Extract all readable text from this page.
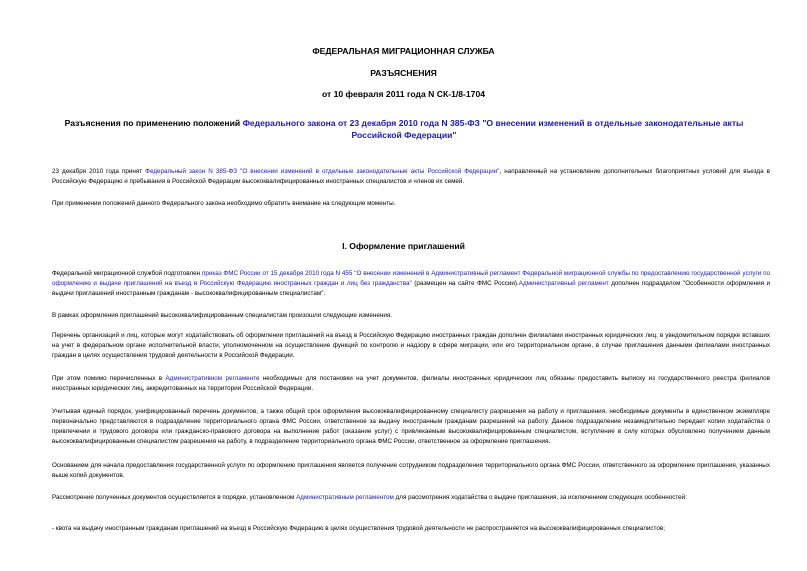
ФЕДЕРАЛЬНАЯ МИГРАЦИОННАЯ СЛУЖБА
РАЗЪЯСНЕНИЯ
от 10 февраля 2011 года N СК-1/8-1704
Разъяснения по применению положений Федерального закона от 23 декабря 2010 года N 385-ФЗ "О внесении изменений в отдельные законодательные акты Российской Федерации"
23 декабря 2010 года принят Федеральный закон N 385-ФЗ "О внесении изменений в отдельные законодательные акты Российской Федерации", направленный на установление дополнительных благоприятных условий для въезда в Российскую Федерацию и пребывания в Российской Федерации высококвалифицированных иностранных специалистов и членов их семей.
При применении положений данного Федерального закона необходимо обратить внимание на следующие моменты.
I. Оформление приглашений
Федеральной миграционной службой подготовлен приказ ФМС России от 15 декабря 2010 года N 455 "О внесении изменений в Административный регламент Федеральной миграционной службы по предоставлению государственной услуги по оформлению и выдаче приглашений на въезд в Российскую Федерацию иностранных граждан и лиц без гражданства" (размещен на сайте ФМС России).Административный регламент дополнен подразделом "Особенности оформления и выдачи приглашений иностранным гражданам - высококвалифицированным специалистам".
В рамках оформления приглашений высококвалифицированным специалистам произошли следующие изменения.
Перечень организаций и лиц, которые могут ходатайствовать об оформлении приглашений на въезд в Российскую Федерацию иностранных граждан дополнен филиалами иностранных юридических лиц, в уведомительном порядке вставших на учет в федеральном органе исполнительной власти, уполномоченном на осуществление функций по контролю и надзору в сфере миграции, или его территориальном органе, в случае приглашения данными филиалами иностранных граждан в целях осуществления трудовой деятельности в Российской Федерации.
При этом помимо перечисленных в Административном регламенте необходимых для постановки на учет документов, филиалы иностранных юридических лиц обязаны предоставить выписку из государственного реестра филиалов иностранных юридических лиц, аккредитованных на территории Российской Федерации.
Учитывая единый порядок, унифицированный перечень документов, а также общий срок оформления высококвалифицированному специалисту разрешения на работу и приглашения, необходимые документы в единственном экземпляре первоначально представляются в подразделение территориального органа ФМС России, ответственное за выдачу иностранным гражданам разрешений на работу. Данное подразделение незамедлительно передает копии ходатайства о привлечении и трудового договора или гражданско-правового договора на выполнение работ (оказание услуг) с привлекаемым высококвалифицированным специалистом, вступление в силу которых обусловлено получением данным высококвалифицированным специалистом разрешения на работу, в подразделение территориального органа ФМС России, ответственное за оформление приглашения.
Основанием для начала предоставления государственной услуги по оформлению приглашения является получение сотрудником подразделения территориального органа ФМС России, ответственного за оформление приглашения, указанных выше копий документов.
Рассмотрение полученных документов осуществляется в порядке, установленном Административным регламентом для рассмотрения ходатайства о выдаче приглашения, за исключением следующих особенностей:
- квота на выдачу иностранным гражданам приглашений на въезд в Российскую Федерацию в целях осуществления трудовой деятельности не распространяется на высококвалифицированных специалистов;
